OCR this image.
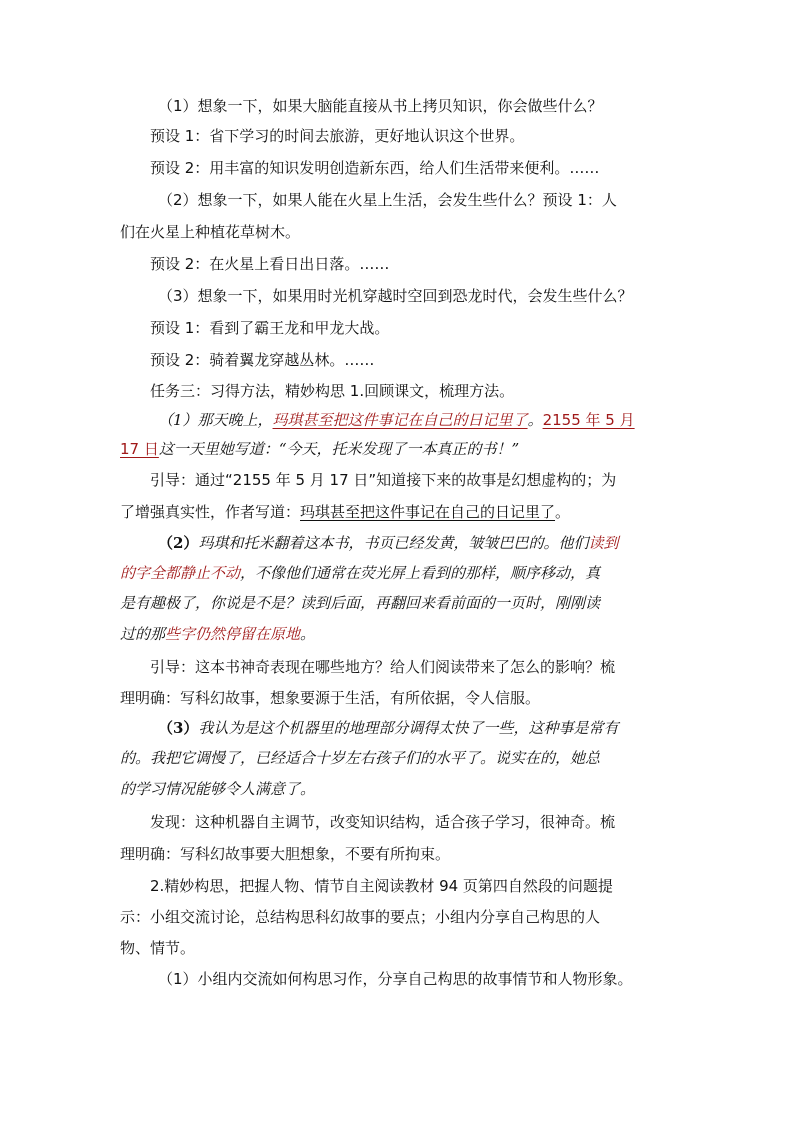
（1）想象一下，如果大脑能直接从书上拷贝知识，你会做些什么？
预设 1：省下学习的时间去旅游，更好地认识这个世界。
预设 2：用丰富的知识发明创造新东西，给人们生活带来便利。……
（2）想象一下，如果人能在火星上生活，会发生些什么？预设 1：人
们在火星上种植花草树木。
预设 2：在火星上看日出日落。……
（3）想象一下，如果用时光机穿越时空回到恐龙时代，会发生些什么？
预设 1：看到了霸王龙和甲龙大战。
预设 2：骑着翼龙穿越丛林。……
任务三：习得方法，精妙构思 1.回顾课文，梳理方法。
（1）那天晚上，玛琪甚至把这件事记在自己的日记里了。2155 年 5 月
17 日这一天里她写道：“今天，托米发现了一本真正的书！”
引导：通过“2155 年 5 月 17 日”知道接下来的故事是幻想虚构的；为
了增强真实性，作者写道：玛琪甚至把这件事记在自己的日记里了。
（2）玛琪和托米翻着这本书，书页已经发黄，皱皱巴巴的。他们读到
的字全都静止不动，不像他们通常在荧光屏上看到的那样，顺序移动，真
是有趣极了，你说是不是？读到后面，再翻回来看前面的一页时，刚刚读
过的那些字仍然停留在原地。
引导：这本书神奇表现在哪些地方？给人们阅读带来了怎么的影响？梳
理明确：写科幻故事，想象要源于生活，有所依据，令人信服。
（3）我认为是这个机器里的地理部分调得太快了一些，这种事是常有
的。我把它调慢了，已经适合十岁左右孩子们的水平了。说实在的，她总
的学习情况能够令人满意了。
发现：这种机器自主调节，改变知识结构，适合孩子学习，很神奇。梳
理明确：写科幻故事要大胆想象，不要有所拘束。
2.精妙构思，把握人物、情节自主阅读教材 94 页第四自然段的问题提
示：小组交流讨论，总结构思科幻故事的要点；小组内分享自己构思的人
物、情节。
（1）小组内交流如何构思习作，分享自己构思的故事情节和人物形象。
